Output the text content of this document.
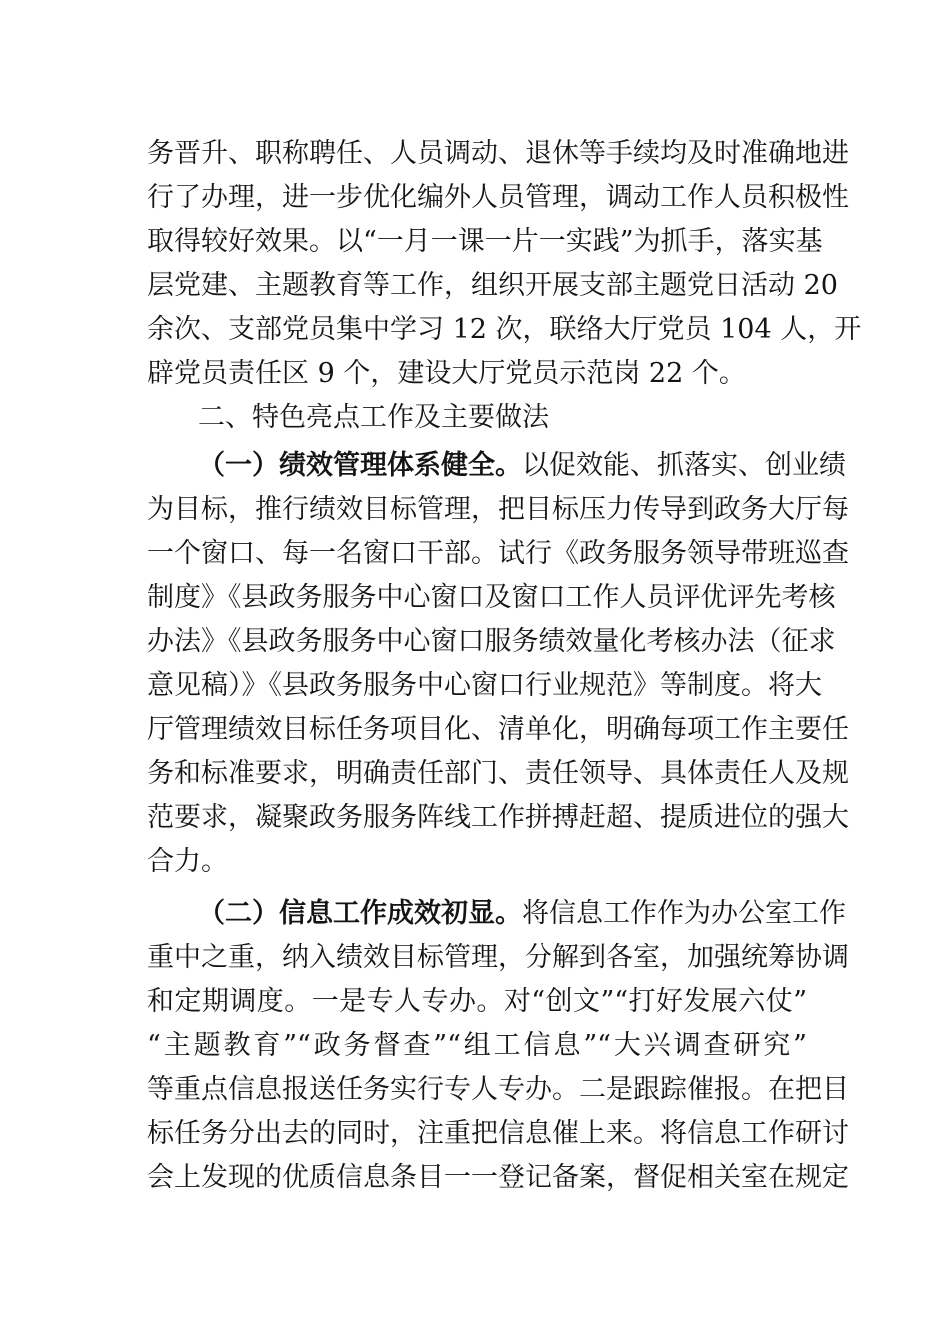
务晋升、职称聘任、人员调动、退休等手续均及时准确地进
行了办理，进一步优化编外人员管理，调动工作人员积极性
取得较好效果。以“一月一课一片一实践”为抓手，落实基
层党建、主题教育等工作，组织开展支部主题党日活动 20
余次、支部党员集中学习 12 次，联络大厅党员 104 人，开
辟党员责任区 9 个，建设大厅党员示范岗 22 个。
二、特色亮点工作及主要做法
（一）绩效管理体系健全。以促效能、抓落实、创业绩
为目标，推行绩效目标管理，把目标压力传导到政务大厅每
一个窗口、每一名窗口干部。试行《政务服务领导带班巡查
制度》《县政务服务中心窗口及窗口工作人员评优评先考核
办法》《县政务服务中心窗口服务绩效量化考核办法（征求
意见稿）》《县政务服务中心窗口行业规范》等制度。将大
厅管理绩效目标任务项目化、清单化，明确每项工作主要任
务和标准要求，明确责任部门、责任领导、具体责任人及规
范要求，凝聚政务服务阵线工作拼搏赶超、提质进位的强大
合力。
（二）信息工作成效初显。将信息工作作为办公室工作
重中之重，纳入绩效目标管理，分解到各室，加强统筹协调
和定期调度。一是专人专办。对“创文”“打好发展六仗”
“主题教育”“政务督查”“组工信息”“大兴调查研究”
等重点信息报送任务实行专人专办。二是跟踪催报。在把目
标任务分出去的同时，注重把信息催上来。将信息工作研讨
会上发现的优质信息条目一一登记备案，督促相关室在规定
